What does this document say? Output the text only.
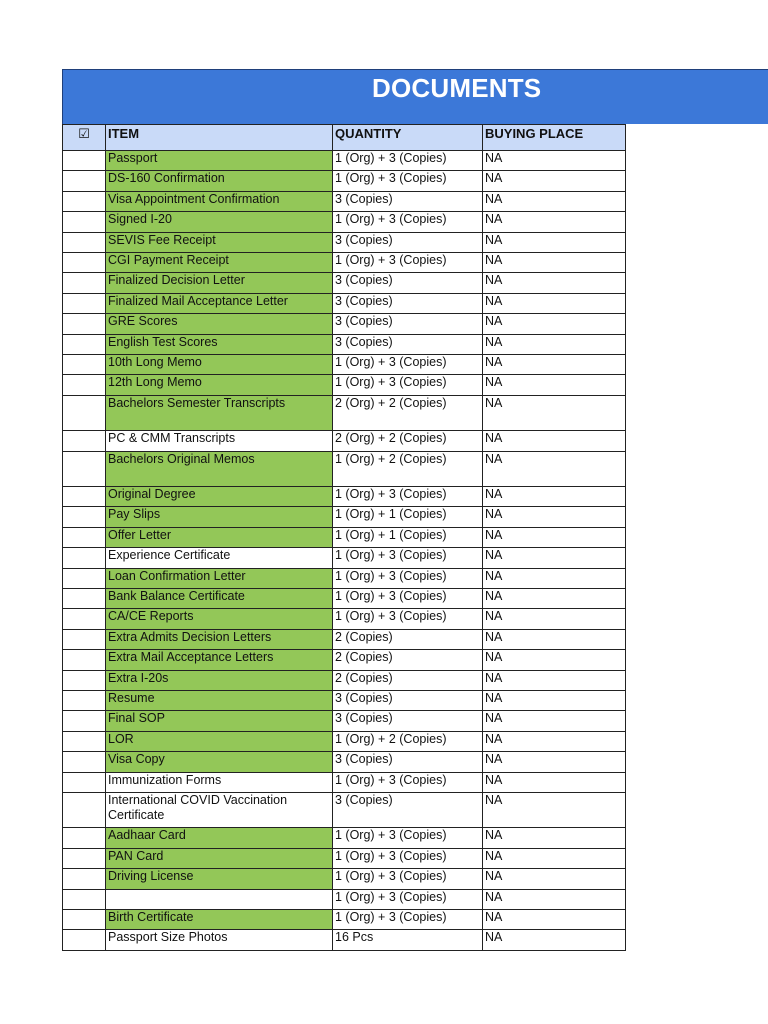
DOCUMENTS
☑	ITEM	QUANTITY	BUYING PLACE
	Passport	1 (Org) + 3 (Copies)	NA
	DS-160 Confirmation	1 (Org) + 3 (Copies)	NA
	Visa Appointment Confirmation	3 (Copies)	NA
	Signed I-20	1 (Org) + 3 (Copies)	NA
	SEVIS Fee Receipt	3 (Copies)	NA
	CGI Payment Receipt	1 (Org) + 3 (Copies)	NA
	Finalized Decision Letter	3 (Copies)	NA
	Finalized Mail Acceptance Letter	3 (Copies)	NA
	GRE Scores	3 (Copies)	NA
	English Test Scores	3 (Copies)	NA
	10th Long Memo	1 (Org) + 3 (Copies)	NA
	12th Long Memo	1 (Org) + 3 (Copies)	NA
	Bachelors Semester Transcripts	2 (Org) + 2 (Copies)	NA
	PC & CMM Transcripts	2 (Org) + 2 (Copies)	NA
	Bachelors Original Memos	1 (Org) + 2 (Copies)	NA
	Original Degree	1 (Org) + 3 (Copies)	NA
	Pay Slips	1 (Org) + 1 (Copies)	NA
	Offer Letter	1 (Org) + 1 (Copies)	NA
	Experience Certificate	1 (Org) + 3 (Copies)	NA
	Loan Confirmation Letter	1 (Org) + 3 (Copies)	NA
	Bank Balance Certificate	1 (Org) + 3 (Copies)	NA
	CA/CE Reports	1 (Org) + 3 (Copies)	NA
	Extra Admits Decision Letters	2 (Copies)	NA
	Extra Mail Acceptance Letters	2 (Copies)	NA
	Extra I-20s	2 (Copies)	NA
	Resume	3 (Copies)	NA
	Final SOP	3 (Copies)	NA
	LOR	1 (Org) + 2 (Copies)	NA
	Visa Copy	3 (Copies)	NA
	Immunization Forms	1 (Org) + 3 (Copies)	NA
	International COVID Vaccination Certificate	3 (Copies)	NA
	Aadhaar Card	1 (Org) + 3 (Copies)	NA
	PAN Card	1 (Org) + 3 (Copies)	NA
	Driving License	1 (Org) + 3 (Copies)	NA
		1 (Org) + 3 (Copies)	NA
	Birth Certificate	1 (Org) + 3 (Copies)	NA
	Passport Size Photos	16 Pcs	NA
